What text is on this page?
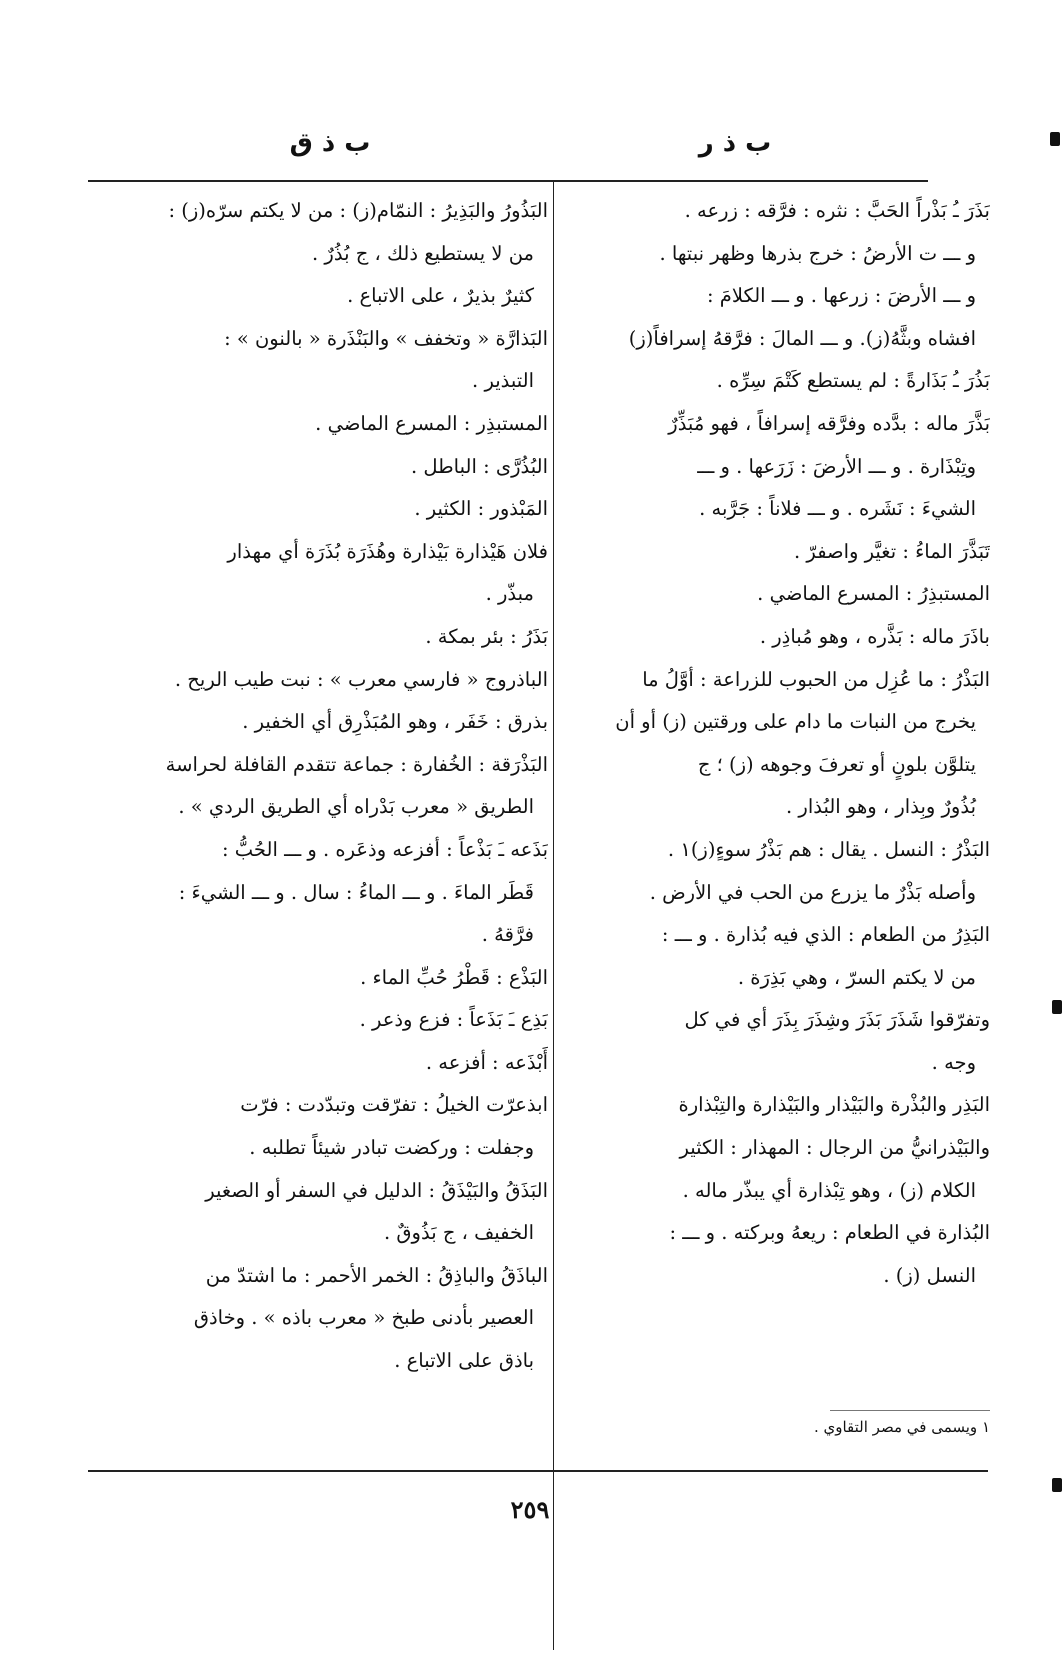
ب ذ ر
ب ذ ق
بَذَرَ ـُ بَذْراً الحَبَّ : نثره : فرَّقه : زرعه .
و ـــ ت الأرضُ : خرج بذرها وظهر نبتها .
و ـــ الأرضَ : زرعها . و ـــ الكلامَ :
افشاه وبثَّهُ(ز). و ـــ المالَ : فرَّقهُ إسرافاً(ز)
بَذُرَ ـُ بَذَارةً : لم يستطع كَتْمَ سِرِّه .
بَذَّرَ ماله : بدَّده وفرَّقه إسرافاً ، فهو مُبَذِّرٌ
وتِبْذَارة . و ـــ الأرضَ : زَرَعها . و ـــ
الشيءَ : نَشَره . و ـــ فلاناً : جَرَّبه .
تَبَذَّرَ الماءُ : تغيَّر واصفرّ .
المستبذِرُ : المسرع الماضي .
باذَرَ ماله : بَذَّره ، وهو مُباذِر .
البَذْرُ : ما عُزِل من الحبوب للزراعة : أوَّلُ ما
يخرج من النبات ما دام على ورقتين (ز) أو أن
يتلوَّن بلونٍ أو تعرفَ وجوهه (ز) ؛ ج
بُذُورٌ وبِذار ، وهو البُذار .
البَذْرُ : النسل . يقال : هم بَذْرُ سوءٍ(ز)١ .
وأصله بَذْرٌ ما يزرع من الحب في الأرض .
البَذِرُ من الطعام : الذي فيه بُذارة . و ـــ :
من لا يكتم السرّ ، وهي بَذِرَة .
وتفرّقوا شَذَرَ بَذَرَ وشِذَرَ بِذَرَ أي في كل
وجه .
البَذِر والبُذْرة والبَيْذار والبَيْذارة والتِبْذارة
والبَيْذرانيُّ من الرجال : المهذار : الكثير
الكلام (ز) ، وهو تِبْذارة أي يبذّر ماله .
البُذارة في الطعام : ريعهُ وبركته . و ـــ :
النسل (ز) .
١ ويسمى في مصر التقاوي .
البَذُورُ والبَذِيرُ : النمّام(ز) : من لا يكتم سرّه(ز) :
من لا يستطيع ذلك ، ج بُذُرٌ .
كثيرٌ بذيرٌ ، على الاتباع .
البَذارَّة « وتخفف » والبَنْذَرة « بالنون » :
التبذير .
المستبذِر : المسرع الماضي .
البُذُرَّى : الباطل .
المَبْذور : الكثير .
فلان هَيْذارة بَيْذارة وهُذَرَة بُذَرَة أي مهذار
مبذّر .
بَذَرُ : بئر بمكة .
الباذروج « فارسي معرب » : نبت طيب الريح .
بذرق : خَفَر ، وهو المُبَذْرِق أي الخفير .
البَذْرَقة : الخُفارة : جماعة تتقدم القافلة لحراسة
الطريق « معرب بَدْراه أي الطريق الردي » .
بَذَعه ـَ بَذْعاً : أفزعه وذعَره . و ـــ الحُبُّ :
قَطَر الماءَ . و ـــ الماءُ : سال . و ـــ الشيءَ :
فرَّقهُ .
البَذْع : قَطْرُ حُبِّ الماء .
بَذِع ـَ بَذَعاً : فزع وذعر .
أَبْذَعه : أفزعه .
ابذعرّت الخيلُ : تفرّقت وتبدّدت : فرّت
وجفلت : وركضت تبادر شيئاً تطلبه .
البَذَقُ والبَيْذَقُ : الدليل في السفر أو الصغير
الخفيف ، ج بَذُوقٌ .
الباذَقُ والباذِقُ : الخمر الأحمر : ما اشتدّ من
العصير بأدنى طبخ « معرب باذه » . وخاذق
باذق على الاتباع .
٢٥٩
